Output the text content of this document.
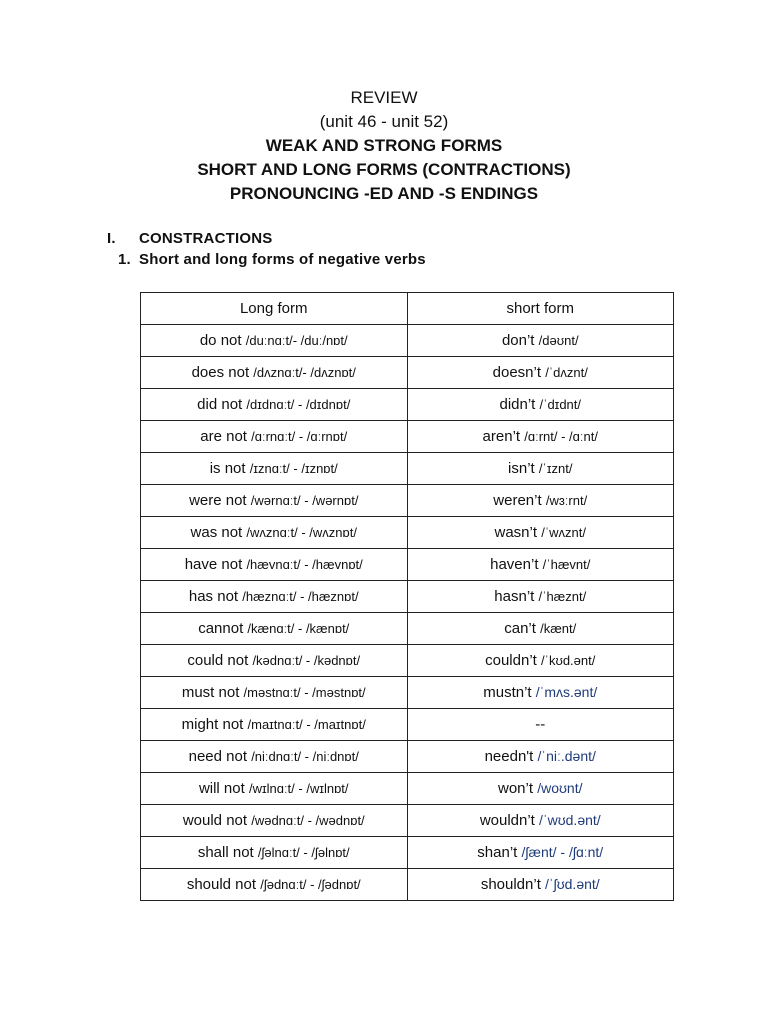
REVIEW
(unit 46 - unit 52)
WEAK AND STRONG FORMS
SHORT AND LONG FORMS (CONTRACTIONS)
PRONOUNCING -ED AND -S ENDINGS
I. CONSTRACTIONS
1. Short and long forms of negative verbs
Long form	short form
do not /duːnɑːt/- /duː/nɒt/	don’t /dəʊnt/
does not /dʌznɑːt/- /dʌznɒt/	doesn’t /ˈdʌznt/
did not /dɪdnɑːt/ - /dɪdnɒt/	didn’t /ˈdɪdnt/
are not /ɑːrnɑːt/ - /ɑːrnɒt/	aren’t /ɑːrnt/ - /ɑːnt/
is not /ɪznɑːt/ - /ɪznɒt/	isn’t /ˈɪznt/
were not /wərnɑːt/ - /wərnɒt/	weren’t /wɜːrnt/
was not /wʌznɑːt/ - /wʌznɒt/	wasn’t /ˈwʌznt/
have not /hævnɑːt/ - /hævnɒt/	haven’t /ˈhævnt/
has not /hæznɑːt/ - /hæznɒt/	hasn’t /ˈhæznt/
cannot /kænɑːt/ - /kænɒt/	can’t /kænt/
could not /kədnɑːt/ - /kədnɒt/	couldn’t /ˈkʊd.ənt/
must not /məstnɑːt/ - /məstnɒt/	mustn’t /ˈmʌs.ənt/
might not /maɪtnɑːt/ - /maɪtnɒt/	--
need not /niːdnɑːt/ - /niːdnɒt/	needn't /ˈniː.dənt/
will not /wɪlnɑːt/ - /wɪlnɒt/	won’t /woʊnt/
would not /wədnɑːt/ - /wədnɒt/	wouldn’t /ˈwʊd.ənt/
shall not /ʃəlnɑːt/ - /ʃəlnɒt/	shan’t /ʃænt/ - /ʃɑːnt/
should not /ʃədnɑːt/ - /ʃədnɒt/	shouldn’t /ˈʃʊd.ənt/
